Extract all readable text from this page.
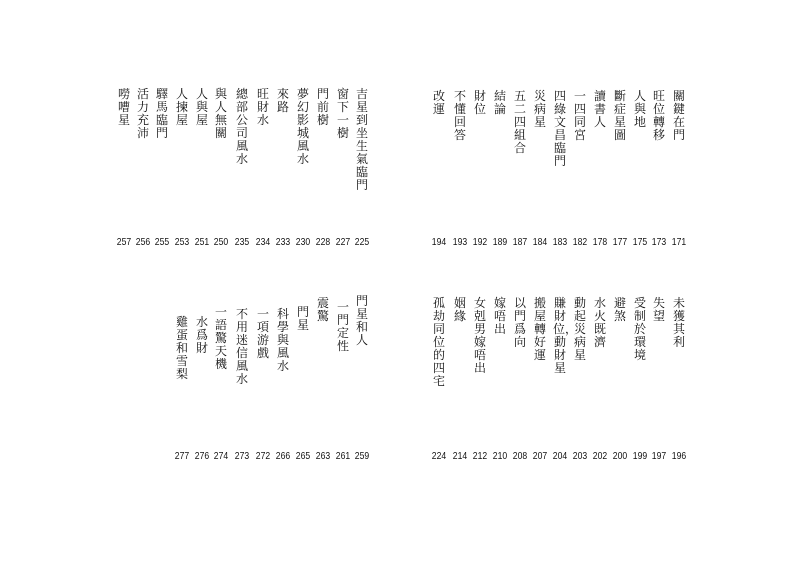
吉星到坐生氣臨門
225
窗下一樹
227
門前樹
228
夢幻影城風水
230
來路
233
旺財水
234
總部公司風水
235
與人無關
250
人與屋
251
人揀屋
253
驛馬臨門
255
活力充沛
256
嘮嘈星
257
門星和人
259
一門定性
261
震驚
263
門星
265
科學與風水
266
一項游戲
272
不用迷信風水
273
一語驚天機
274
水爲財
276
雞蛋和雪梨
277
關鍵在門
171
旺位轉移
173
人與地
175
斷症星圖
177
讀書人
178
一四同宮
182
四綠文昌臨門
183
災病星
184
五二四組合
187
結論
189
財位
192
不懂回答
193
改運
194
未獲其利
196
失望
197
受制於環境
199
避煞
200
水火既濟
202
動起災病星
203
賺財位，動財星
204
搬屋轉好運
207
以門爲向
208
嫁唔出
210
女剋男嫁唔出
212
姻緣
214
孤劫同位的四宅
224
